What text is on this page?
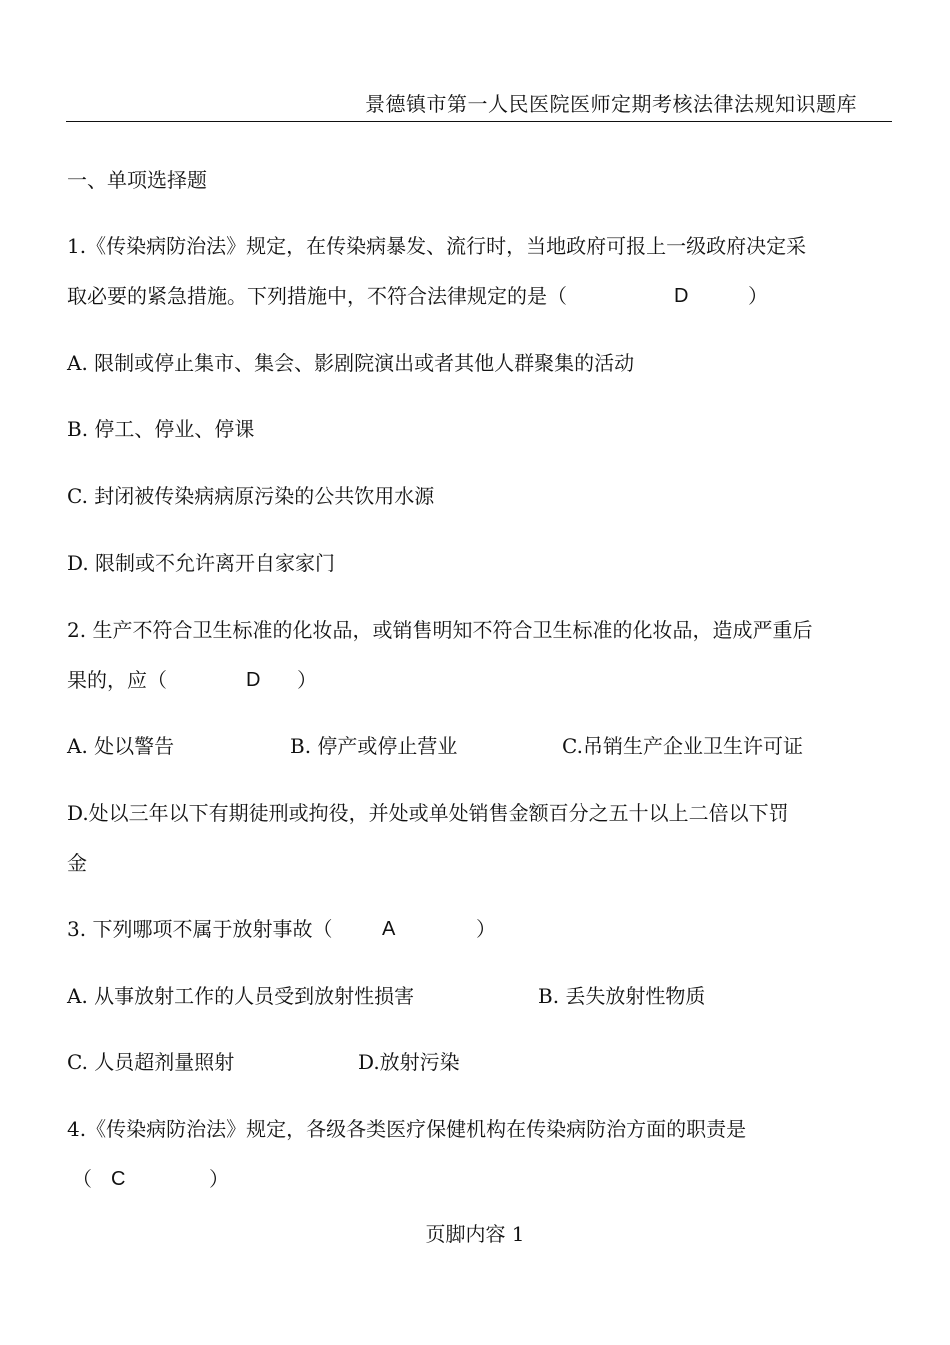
景德镇市第一人民医院医师定期考核法律法规知识题库
一、单项选择题
1.《传染病防治法》规定，在传染病暴发、流行时，当地政府可报上一级政府决定采
取必要的紧急措施。下列措施中，不符合法律规定的是（	D	）
A. 限制或停止集市、集会、影剧院演出或者其他人群聚集的活动
B. 停工、停业、停课
C. 封闭被传染病病原污染的公共饮用水源
D. 限制或不允许离开自家家门
2. 生产不符合卫生标准的化妆品，或销售明知不符合卫生标准的化妆品，造成严重后
果的，应（	D ）
A. 处以警告	B. 停产或停止营业	C.吊销生产企业卫生许可证
D.处以三年以下有期徒刑或拘役，并处或单处销售金额百分之五十以上二倍以下罚
金
3. 下列哪项不属于放射事故（ A	）
A. 从事放射工作的人员受到放射性损害	B. 丢失放射性物质
C. 人员超剂量照射	D.放射污染
4.《传染病防治法》规定，各级各类医疗保健机构在传染病防治方面的职责是
（ C	）
页脚内容 1
